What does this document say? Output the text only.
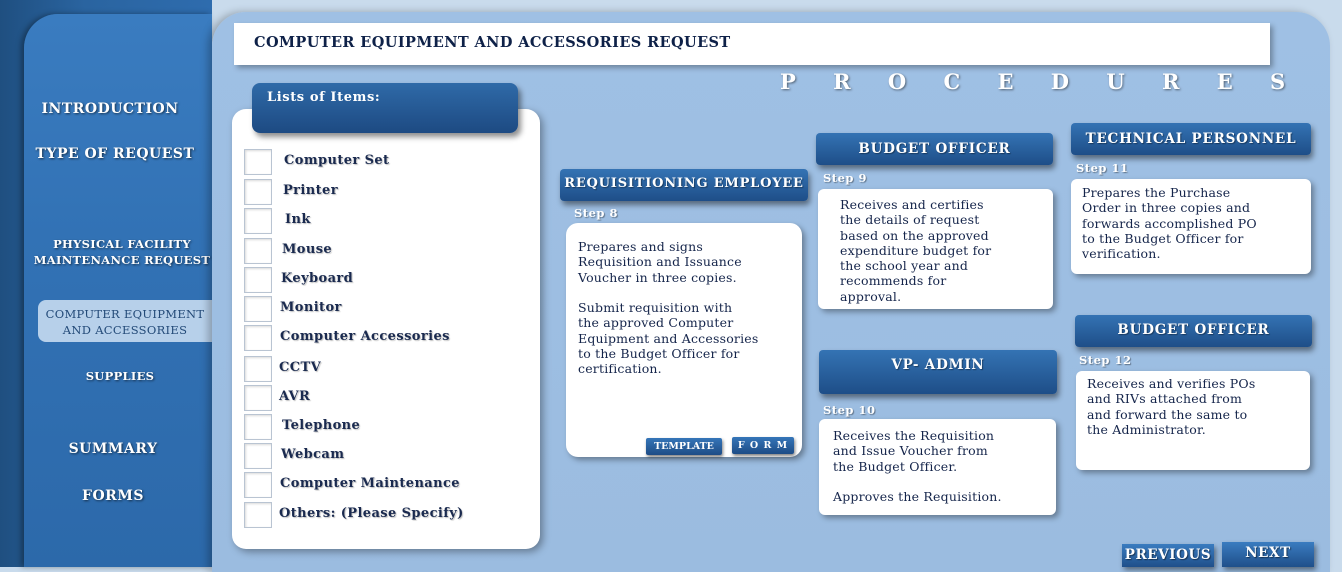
INTRODUCTION
TYPE OF REQUEST
PHYSICAL FACILITY
MAINTENANCE REQUEST
COMPUTER EQUIPMENT
AND ACCESSORIES
SUPPLIES
SUMMARY
FORMS
COMPUTER EQUIPMENT AND ACCESSORIES REQUEST
P R O C E D U R E S
Lists of Items:
Computer Set
Printer
Ink
Mouse
Keyboard
Monitor
Computer Accessories
CCTV
AVR
Telephone
Webcam
Computer Maintenance
Others: (Please Specify)
REQUISITIONING EMPLOYEE
Step 8
Prepares and signs
Requisition and Issuance
Voucher in three copies.

Submit requisition with
the approved Computer
Equipment and Accessories
to the Budget Officer for
certification.
TEMPLATE	F O R M
BUDGET OFFICER
Step 9
Receives and certifies
the details of request
based on the approved
expenditure budget for
the school year and
recommends for
approval.
VP- ADMIN
Step 10
Receives the Requisition
and Issue Voucher from
the Budget Officer.

Approves the Requisition.
TECHNICAL PERSONNEL
Step 11
Prepares the Purchase
Order in three copies and
forwards accomplished PO
to the Budget Officer for
verification.
BUDGET OFFICER
Step 12
Receives and verifies POs
and RIVs attached from
and forward the same to
the Administrator.
PREVIOUS	NEXT
